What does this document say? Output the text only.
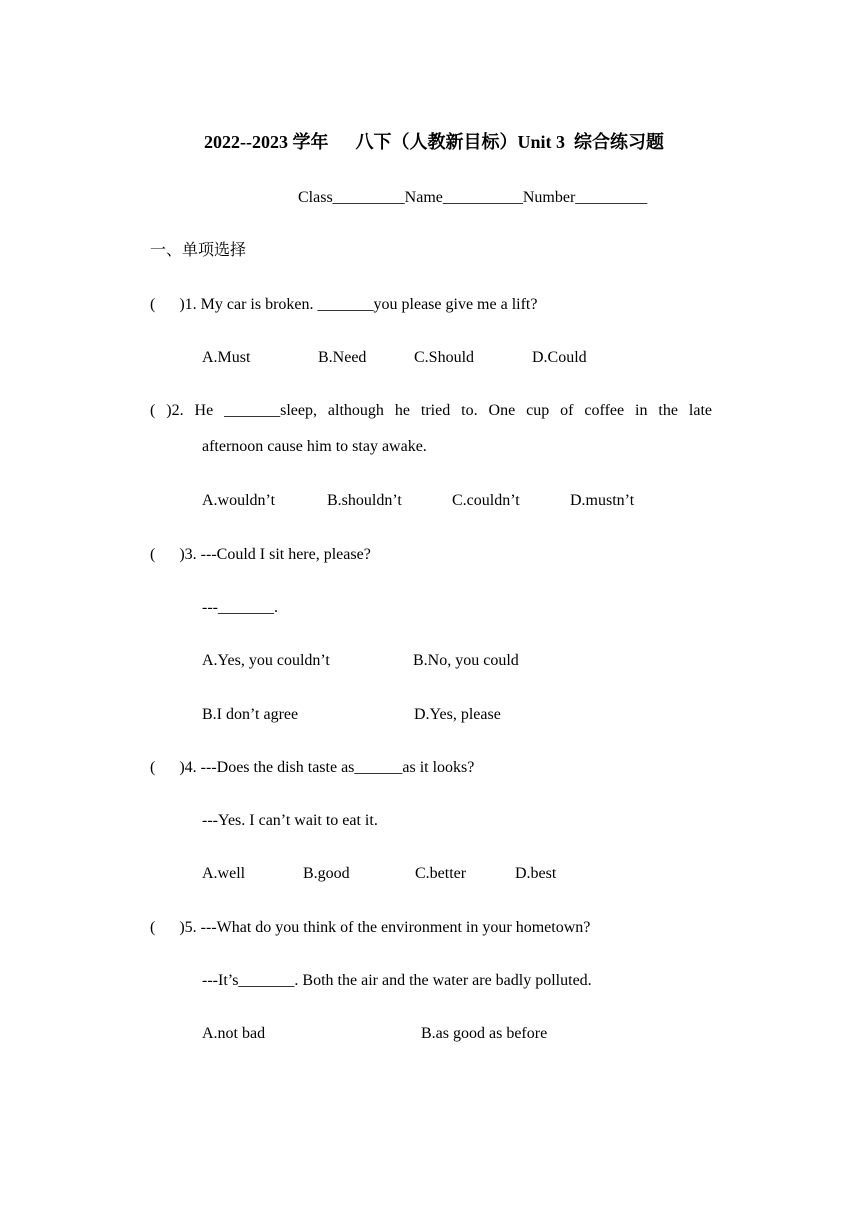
2022--2023 学年      八下（人教新目标）Unit 3  综合练习题
Class_________Name__________Number_________
一、单项选择
(      )1. My car is broken. _______you please give me a lift?
A.Must	B.Need	C.Should	D.Could
( )2. He _______sleep, although he tried to. One cup of coffee in the late
afternoon cause him to stay awake.
A.wouldn’t	B.shouldn’t	C.couldn’t	D.mustn’t
(      )3. ---Could I sit here, please?
---_______.
A.Yes, you couldn’t	B.No, you could
B.I don’t agree	D.Yes, please
(      )4. ---Does the dish taste as______as it looks?
---Yes. I can’t wait to eat it.
A.well	B.good	C.better	D.best
(      )5. ---What do you think of the environment in your hometown?
---It’s_______. Both the air and the water are badly polluted.
A.not bad	B.as good as before
